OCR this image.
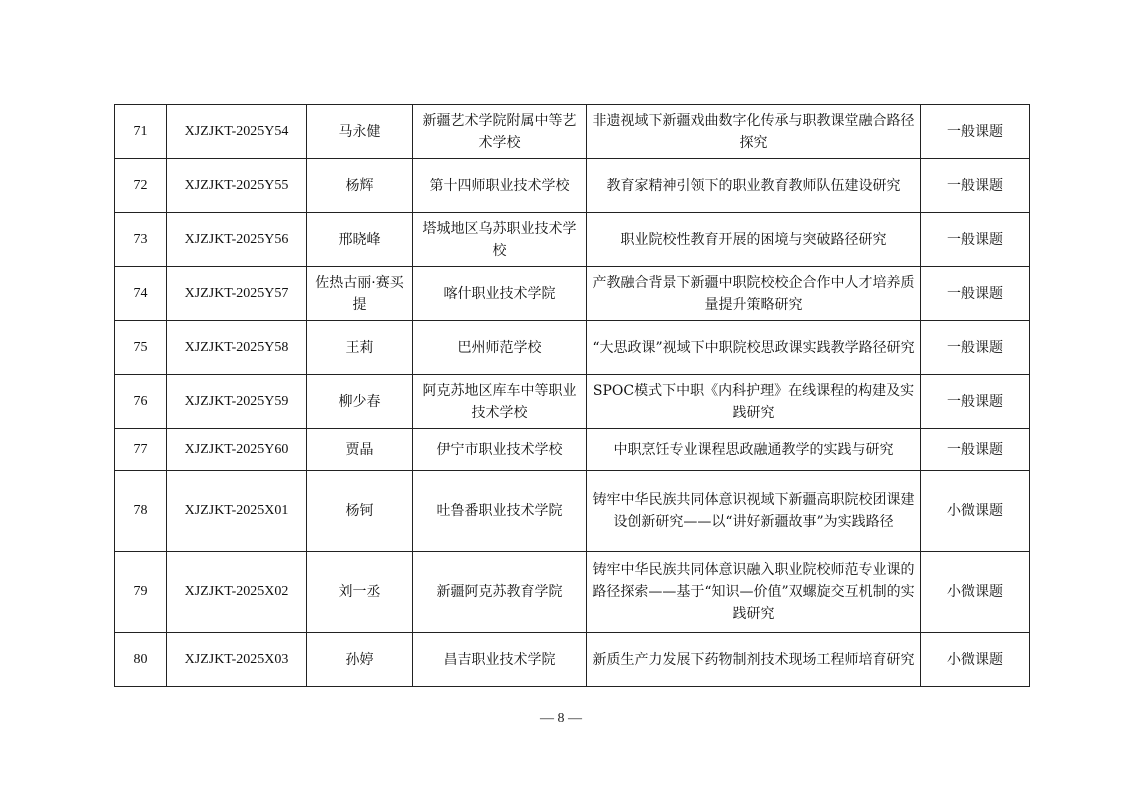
71	XJZJKT-2025Y54	马永健	新疆艺术学院附属中等艺术学校	非遗视域下新疆戏曲数字化传承与职教课堂融合路径探究	一般课题
72	XJZJKT-2025Y55	杨辉	第十四师职业技术学校	教育家精神引领下的职业教育教师队伍建设研究	一般课题
73	XJZJKT-2025Y56	邢晓峰	塔城地区乌苏职业技术学校	职业院校性教育开展的困境与突破路径研究	一般课题
74	XJZJKT-2025Y57	佐热古丽·赛买提	喀什职业技术学院	产教融合背景下新疆中职院校校企合作中人才培养质量提升策略研究	一般课题
75	XJZJKT-2025Y58	王莉	巴州师范学校	“大思政课”视域下中职院校思政课实践教学路径研究	一般课题
76	XJZJKT-2025Y59	柳少春	阿克苏地区库车中等职业技术学校	SPOC模式下中职《内科护理》在线课程的构建及实践研究	一般课题
77	XJZJKT-2025Y60	贾晶	伊宁市职业技术学校	中职烹饪专业课程思政融通教学的实践与研究	一般课题
78	XJZJKT-2025X01	杨钶	吐鲁番职业技术学院	铸牢中华民族共同体意识视域下新疆高职院校团课建设创新研究——以“讲好新疆故事”为实践路径	小微课题
79	XJZJKT-2025X02	刘一丞	新疆阿克苏教育学院	铸牢中华民族共同体意识融入职业院校师范专业课的路径探索——基于“知识—价值”双螺旋交互机制的实践研究	小微课题
80	XJZJKT-2025X03	孙婷	昌吉职业技术学院	新质生产力发展下药物制剂技术现场工程师培育研究	小微课题
— 8 —
